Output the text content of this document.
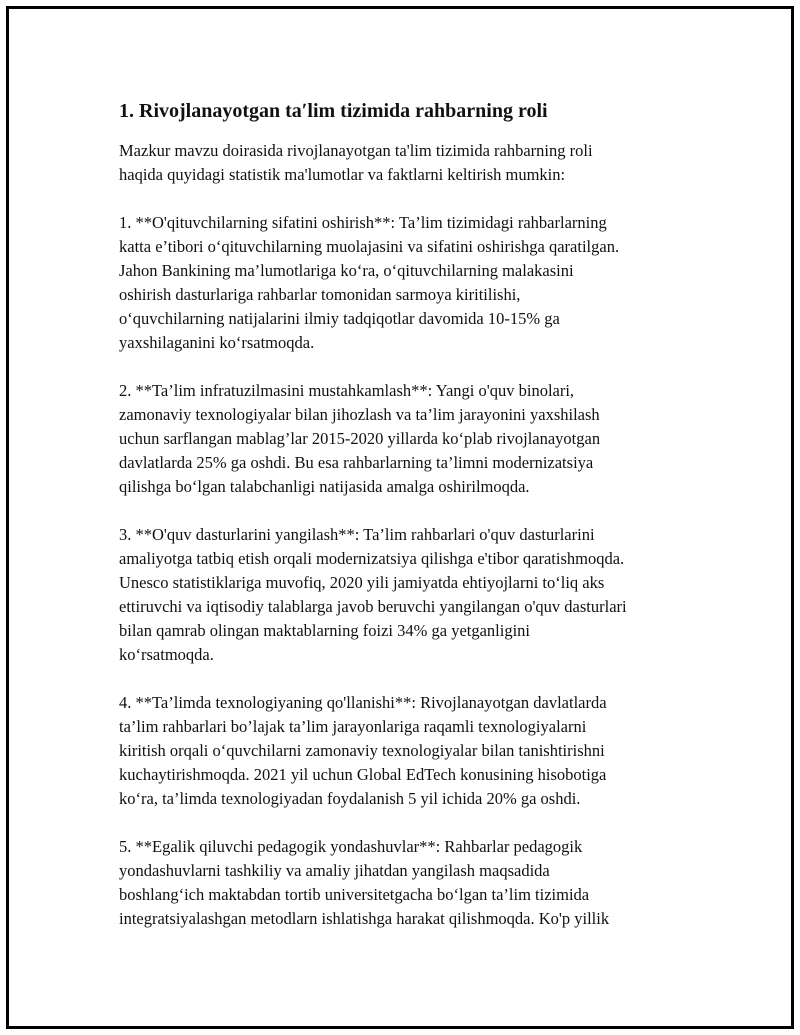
1. Rivojlanayotgan taʹlim tizimida rahbarning roli
Mazkur mavzu doirasida rivojlanayotgan ta'lim tizimida rahbarning roli
haqida quyidagi statistik ma'lumotlar va faktlarni keltirish mumkin:
1. **O'qituvchilarning sifatini oshirish**: Ta’lim tizimidagi rahbarlarning
katta e’tibori o‘qituvchilarning muolajasini va sifatini oshirishga qaratilgan.
Jahon Bankining ma’lumotlariga ko‘ra, o‘qituvchilarning malakasini
oshirish dasturlariga rahbarlar tomonidan sarmoya kiritilishi,
o‘quvchilarning natijalarini ilmiy tadqiqotlar davomida 10-15% ga
yaxshilaganini ko‘rsatmoqda.
2. **Ta’lim infratuzilmasini mustahkamlash**: Yangi o'quv binolari,
zamonaviy texnologiyalar bilan jihozlash va ta’lim jarayonini yaxshilash
uchun sarflangan mablag’lar 2015-2020 yillarda ko‘plab rivojlanayotgan
davlatlarda 25% ga oshdi. Bu esa rahbarlarning ta’limni modernizatsiya
qilishga bo‘lgan talabchanligi natijasida amalga oshirilmoqda.
3. **O'quv dasturlarini yangilash**: Ta’lim rahbarlari o'quv dasturlarini
amaliyotga tatbiq etish orqali modernizatsiya qilishga e'tibor qaratishmoqda.
Unesco statistiklariga muvofiq, 2020 yili jamiyatda ehtiyojlarni to‘liq aks
ettiruvchi va iqtisodiy talablarga javob beruvchi yangilangan o'quv dasturlari
bilan qamrab olingan maktablarning foizi 34% ga yetganligini
ko‘rsatmoqda.
4. **Ta’limda texnologiyaning qo'llanishi**: Rivojlanayotgan davlatlarda
ta’lim rahbarlari bo’lajak ta’lim jarayonlariga raqamli texnologiyalarni
kiritish orqali o‘quvchilarni zamonaviy texnologiyalar bilan tanishtirishni
kuchaytirishmoqda. 2021 yil uchun Global EdTech konusining hisobotiga
ko‘ra, ta’limda texnologiyadan foydalanish 5 yil ichida 20% ga oshdi.
5. **Egalik qiluvchi pedagogik yondashuvlar**: Rahbarlar pedagogik
yondashuvlarni tashkiliy va amaliy jihatdan yangilash maqsadida
boshlang‘ich maktabdan tortib universitetgacha bo‘lgan ta’lim tizimida
integratsiyalashgan metodlarn ishlatishga harakat qilishmoqda. Ko'p yillik
